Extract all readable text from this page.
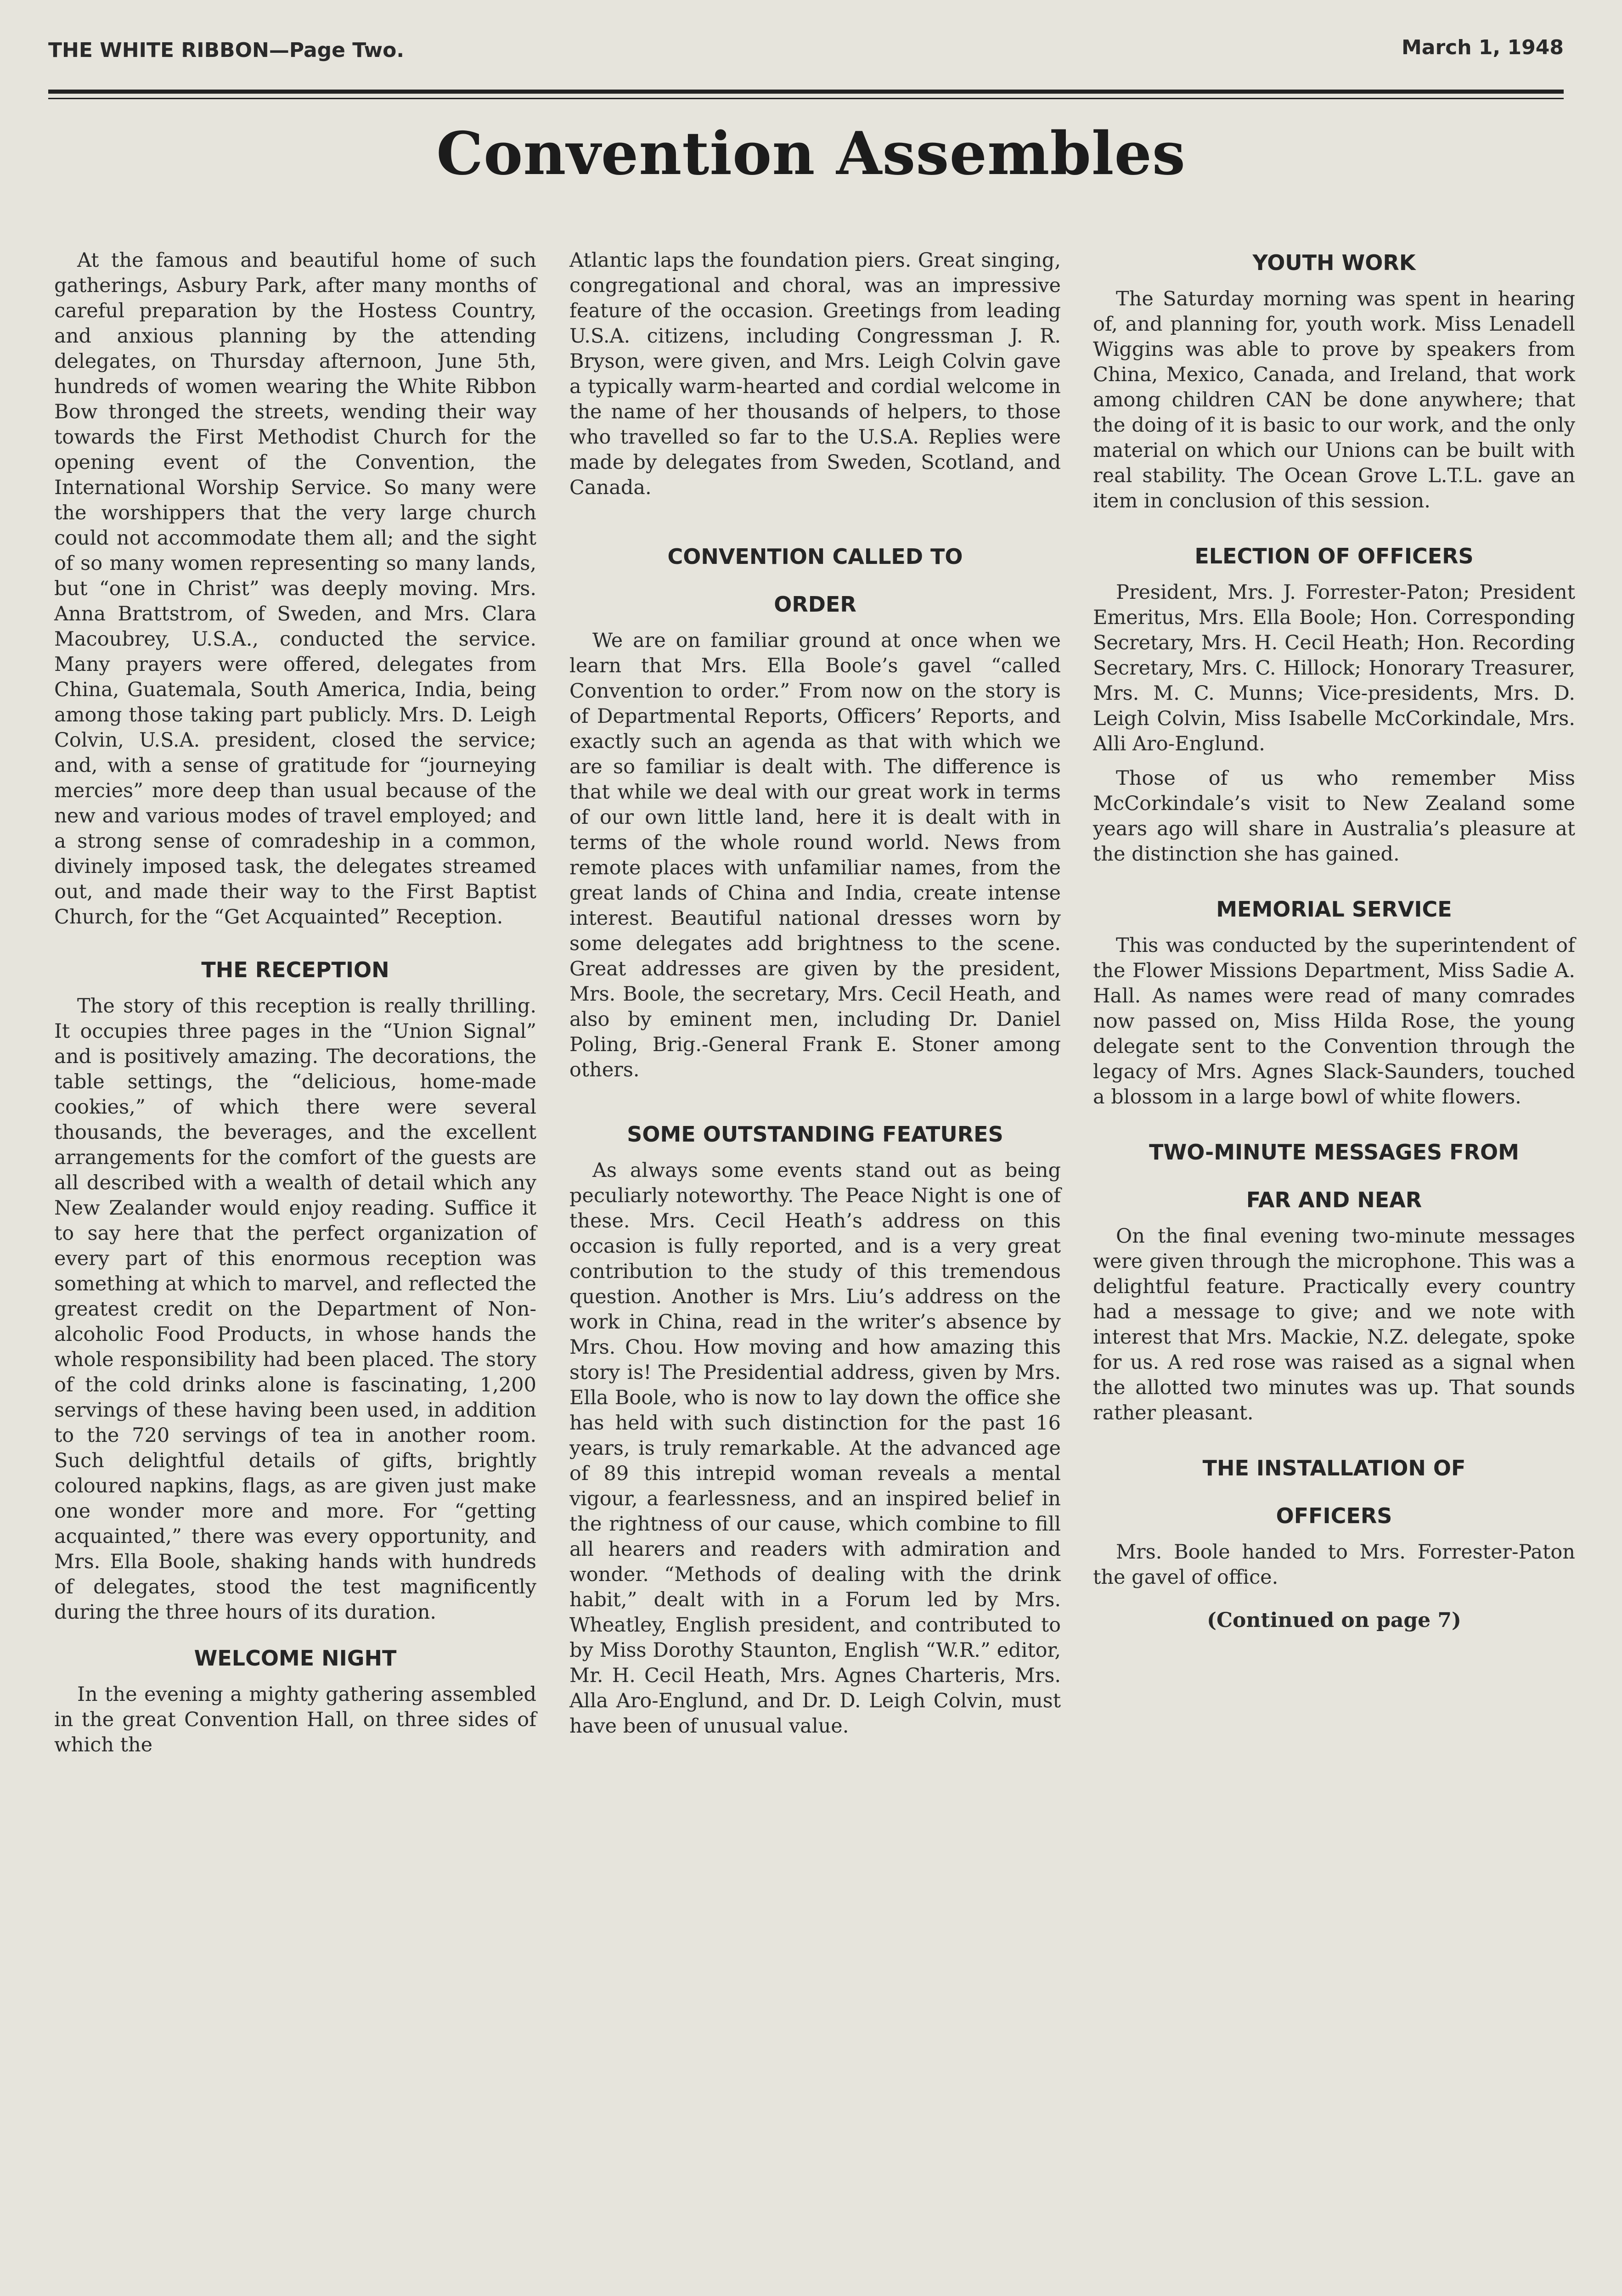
THE WHITE RIBBON—Page Two.	March 1, 1948
Convention Assembles

At the famous and beautiful home of such gatherings, Asbury Park, after many months of careful preparation by the Hostess Country, and anxious planning by the attending delegates, on Thursday afternoon, June 5th, hundreds of women wearing the White Ribbon Bow thronged the streets, wending their way towards the First Methodist Church for the opening event of the Convention, the International Worship Service. So many were the worshippers that the very large church could not accommodate them all; and the sight of so many women representing so many lands, but “one in Christ” was deeply moving. Mrs. Anna Brattstrom, of Sweden, and Mrs. Clara Macoubrey, U.S.A., conducted the service. Many prayers were offered, delegates from China, Guatemala, South America, India, being among those taking part publicly. Mrs. D. Leigh Colvin, U.S.A. president, closed the service; and, with a sense of gratitude for “journeying mercies” more deep than usual because of the new and various modes of travel employed; and a strong sense of comradeship in a common, divinely imposed task, the delegates streamed out, and made their way to the First Baptist Church, for the “Get Acquainted” Reception.

THE RECEPTION

The story of this reception is really thrilling. It occupies three pages in the “Union Signal” and is positively amazing. The decorations, the table settings, the “delicious, home-made cookies,” of which there were several thousands, the beverages, and the excellent arrangements for the comfort of the guests are all described with a wealth of detail which any New Zealander would enjoy reading. Suffice it to say here that the perfect organization of every part of this enormous reception was something at which to marvel, and reflected the greatest credit on the Department of Non-alcoholic Food Products, in whose hands the whole responsibility had been placed. The story of the cold drinks alone is fascinating, 1,200 servings of these having been used, in addition to the 720 servings of tea in another room. Such delightful details of gifts, brightly coloured napkins, flags, as are given just make one wonder more and more. For “getting acquainted,” there was every opportunity, and Mrs. Ella Boole, shaking hands with hundreds of delegates, stood the test magnificently during the three hours of its duration.

WELCOME NIGHT

In the evening a mighty gathering assembled in the great Convention Hall, on three sides of which the

Atlantic laps the foundation piers. Great singing, congregational and choral, was an impressive feature of the occasion. Greetings from leading U.S.A. citizens, including Congressman J. R. Bryson, were given, and Mrs. Leigh Colvin gave a typically warm-hearted and cordial welcome in the name of her thousands of helpers, to those who travelled so far to the U.S.A. Replies were made by delegates from Sweden, Scotland, and Canada.

CONVENTION CALLED TO
ORDER

We are on familiar ground at once when we learn that Mrs. Ella Boole’s gavel “called Convention to order.” From now on the story is of Departmental Reports, Officers’ Reports, and exactly such an agenda as that with which we are so familiar is dealt with. The difference is that while we deal with our great work in terms of our own little land, here it is dealt with in terms of the whole round world. News from remote places with unfamiliar names, from the great lands of China and India, create intense interest. Beautiful national dresses worn by some delegates add brightness to the scene. Great addresses are given by the president, Mrs. Boole, the secretary, Mrs. Cecil Heath, and also by eminent men, including Dr. Daniel Poling, Brig.-General Frank E. Stoner among others.

SOME OUTSTANDING FEATURES

As always some events stand out as being peculiarly noteworthy. The Peace Night is one of these. Mrs. Cecil Heath’s address on this occasion is fully reported, and is a very great contribution to the study of this tremendous question. Another is Mrs. Liu’s address on the work in China, read in the writer’s absence by Mrs. Chou. How moving and how amazing this story is! The Presidential address, given by Mrs. Ella Boole, who is now to lay down the office she has held with such distinction for the past 16 years, is truly remarkable. At the advanced age of 89 this intrepid woman reveals a mental vigour, a fearlessness, and an inspired belief in the rightness of our cause, which combine to fill all hearers and readers with admiration and wonder. “Methods of dealing with the drink habit,” dealt with in a Forum led by Mrs. Wheatley, English president, and contributed to by Miss Dorothy Staunton, English “W.R.” editor, Mr. H. Cecil Heath, Mrs. Agnes Charteris, Mrs. Alla Aro-Englund, and Dr. D. Leigh Colvin, must have been of unusual value.

YOUTH WORK

The Saturday morning was spent in hearing of, and planning for, youth work. Miss Lenadell Wiggins was able to prove by speakers from China, Mexico, Canada, and Ireland, that work among children CAN be done anywhere; that the doing of it is basic to our work, and the only material on which our Unions can be built with real stability. The Ocean Grove L.T.L. gave an item in conclusion of this session.

ELECTION OF OFFICERS

President, Mrs. J. Forrester-Paton; President Emeritus, Mrs. Ella Boole; Hon. Corresponding Secretary, Mrs. H. Cecil Heath; Hon. Recording Secretary, Mrs. C. Hillock; Honorary Treasurer, Mrs. M. C. Munns; Vice-presidents, Mrs. D. Leigh Colvin, Miss Isabelle McCorkindale, Mrs. Alli Aro-Englund.

Those of us who remember Miss McCorkindale’s visit to New Zealand some years ago will share in Australia’s pleasure at the distinction she has gained.

MEMORIAL SERVICE

This was conducted by the superintendent of the Flower Missions Department, Miss Sadie A. Hall. As names were read of many comrades now passed on, Miss Hilda Rose, the young delegate sent to the Convention through the legacy of Mrs. Agnes Slack-Saunders, touched a blossom in a large bowl of white flowers.

TWO-MINUTE MESSAGES FROM
FAR AND NEAR

On the final evening two-minute messages were given through the microphone. This was a delightful feature. Practically every country had a message to give; and we note with interest that Mrs. Mackie, N.Z. delegate, spoke for us. A red rose was raised as a signal when the allotted two minutes was up. That sounds rather pleasant.

THE INSTALLATION OF
OFFICERS

Mrs. Boole handed to Mrs. Forrester-Paton the gavel of office.

(Continued on page 7)
